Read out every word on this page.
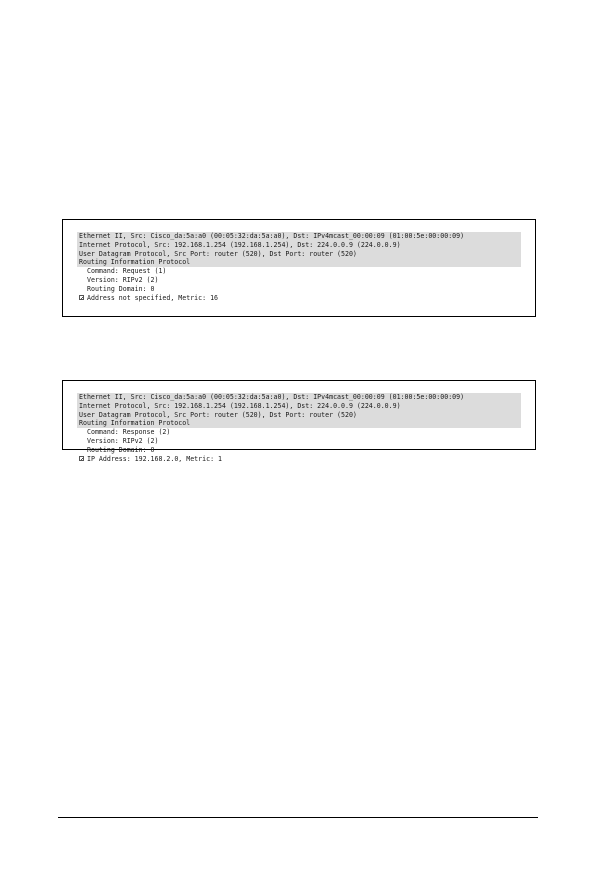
Ethernet II, Src: Cisco_da:5a:a0 (00:05:32:da:5a:a0), Dst: IPv4mcast_00:00:09 (01:00:5e:00:00:09)
Internet Protocol, Src: 192.168.1.254 (192.168.1.254), Dst: 224.0.0.9 (224.0.0.9)
User Datagram Protocol, Src Port: router (520), Dst Port: router (520)
Routing Information Protocol
Command: Request (1)
Version: RIPv2 (2)
Routing Domain: 0
Address not specified, Metric: 16
Ethernet II, Src: Cisco_da:5a:a0 (00:05:32:da:5a:a0), Dst: IPv4mcast_00:00:09 (01:00:5e:00:00:09)
Internet Protocol, Src: 192.168.1.254 (192.168.1.254), Dst: 224.0.0.9 (224.0.0.9)
User Datagram Protocol, Src Port: router (520), Dst Port: router (520)
Routing Information Protocol
Command: Response (2)
Version: RIPv2 (2)
Routing Domain: 0
IP Address: 192.168.2.0, Metric: 1
